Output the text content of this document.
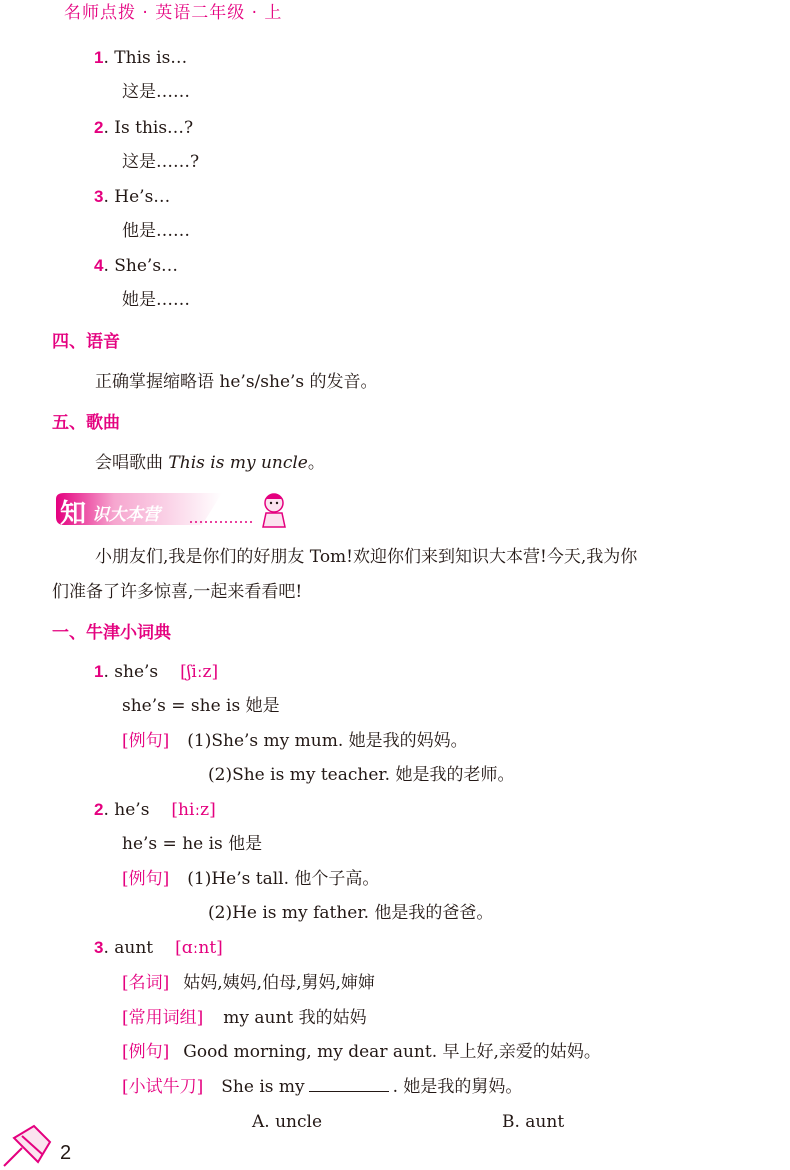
名师点拨 · 英语二年级 · 上
1. This is…
这是……
2. Is this…?
这是……?
3. He’s…
他是……
4. She’s…
她是……
四、语音
正确掌握缩略语 he’s/she’s 的发音。
五、歌曲
会唱歌曲 This is my uncle。
知 识大本营
小朋友们,我是你们的好朋友 Tom!欢迎你们来到知识大本营!今天,我为你
们准备了许多惊喜,一起来看看吧!
一、牛津小词典
1. she’s [ʃiːz]
she’s = she is 她是
[例句] (1)She’s my mum. 她是我的妈妈。
(2)She is my teacher. 她是我的老师。
2. he’s [hiːz]
he’s = he is 他是
[例句] (1)He’s tall. 他个子高。
(2)He is my father. 他是我的爸爸。
3. aunt [ɑːnt]
[名词] 姑妈,姨妈,伯母,舅妈,婶婶
[常用词组] my aunt 我的姑妈
[例句] Good morning, my dear aunt. 早上好,亲爱的姑妈。
[小试牛刀] She is my	. 她是我的舅妈。
A. uncle	B. aunt
2
